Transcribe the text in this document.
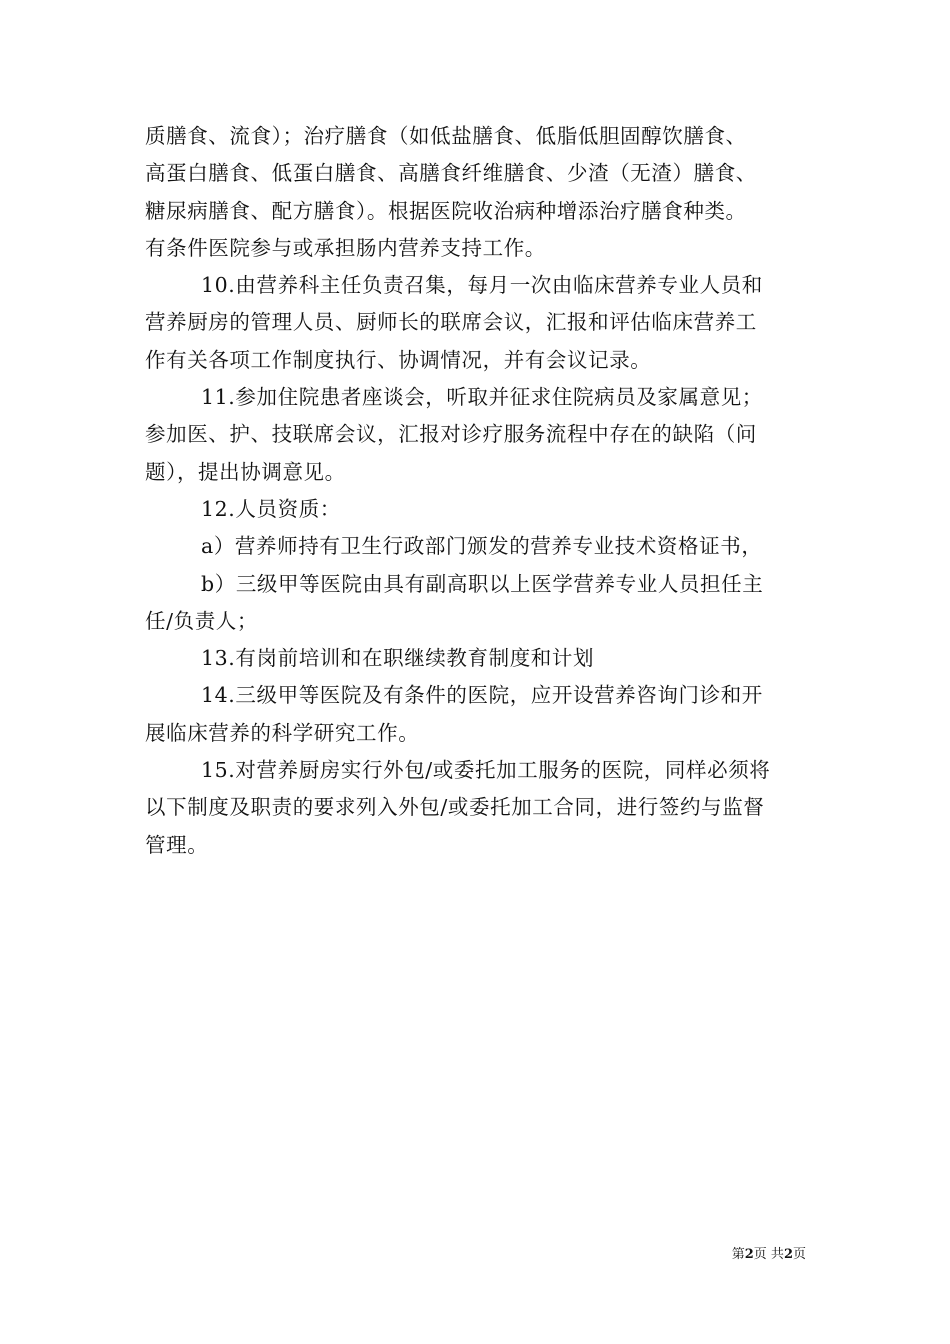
质膳食、流食）；治疗膳食（如低盐膳食、低脂低胆固醇饮膳食、
高蛋白膳食、低蛋白膳食、高膳食纤维膳食、少渣（无渣）膳食、
糖尿病膳食、配方膳食）。根据医院收治病种增添治疗膳食种类。
有条件医院参与或承担肠内营养支持工作。
10.由营养科主任负责召集，每月一次由临床营养专业人员和
营养厨房的管理人员、厨师长的联席会议，汇报和评估临床营养工
作有关各项工作制度执行、协调情况，并有会议记录。
11.参加住院患者座谈会，听取并征求住院病员及家属意见；
参加医、护、技联席会议，汇报对诊疗服务流程中存在的缺陷（问
题），提出协调意见。
12.人员资质：
a）营养师持有卫生行政部门颁发的营养专业技术资格证书，
b）三级甲等医院由具有副高职以上医学营养专业人员担任主
任/负责人；
13.有岗前培训和在职继续教育制度和计划
14.三级甲等医院及有条件的医院，应开设营养咨询门诊和开
展临床营养的科学研究工作。
15.对营养厨房实行外包/或委托加工服务的医院，同样必须将
以下制度及职责的要求列入外包/或委托加工合同，进行签约与监督
管理。
第2页 共2页
